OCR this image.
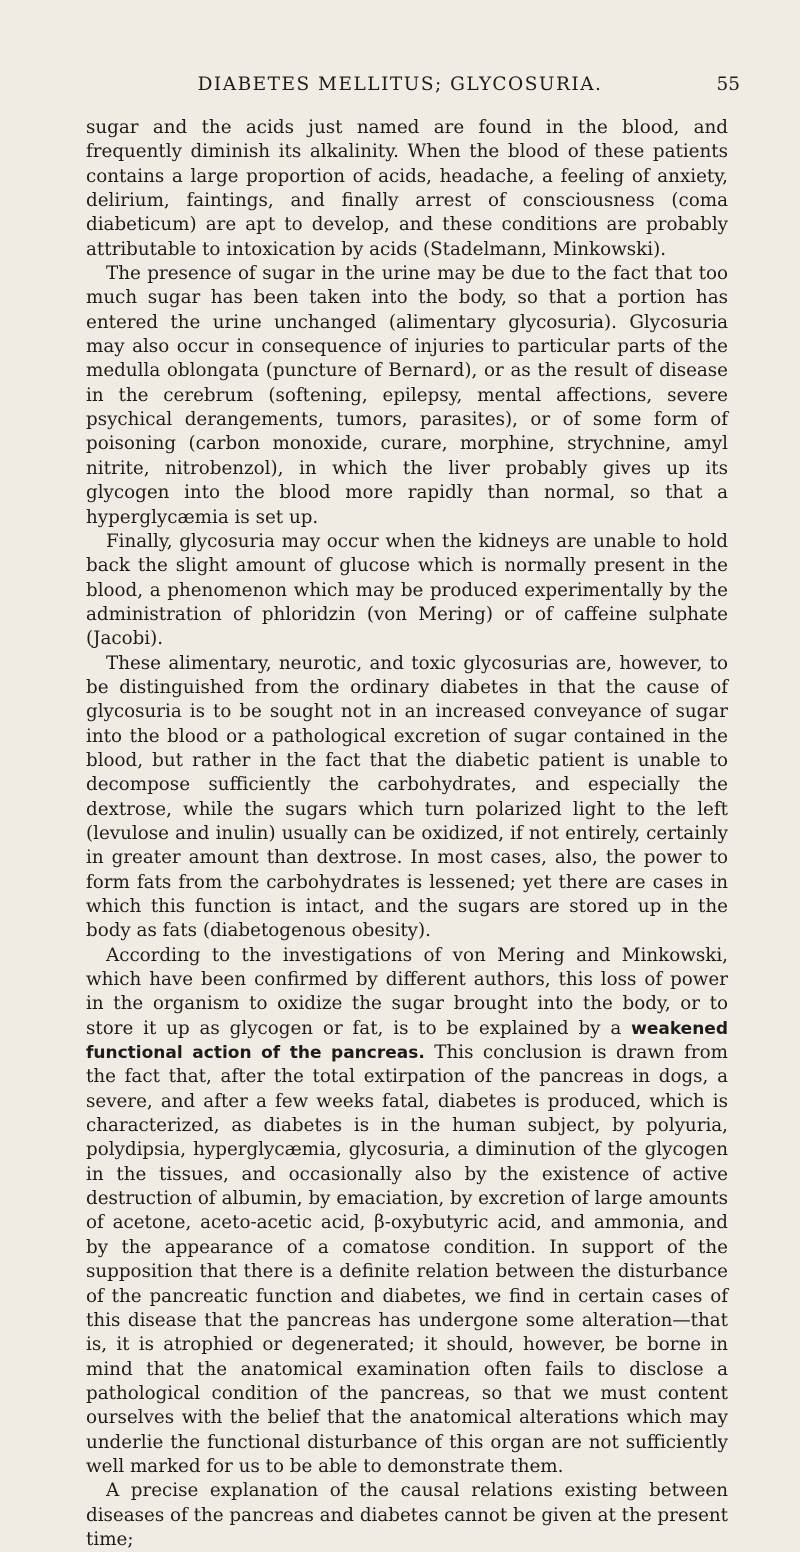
DIABETES MELLITUS; GLYCOSURIA.	55

sugar and the acids just named are found in the blood, and frequently diminish its alkalinity. When the blood of these patients contains a large proportion of acids, headache, a feeling of anxiety, delirium, faintings, and finally arrest of consciousness (coma diabeticum) are apt to develop, and these conditions are probably attributable to intoxication by acids (Stadelmann, Minkowski).

The presence of sugar in the urine may be due to the fact that too much sugar has been taken into the body, so that a portion has entered the urine unchanged (alimentary glycosuria). Glycosuria may also occur in consequence of injuries to particular parts of the medulla oblongata (puncture of Bernard), or as the result of disease in the cerebrum (softening, epilepsy, mental affections, severe psychical derangements, tumors, parasites), or of some form of poisoning (carbon monoxide, curare, morphine, strychnine, amyl nitrite, nitrobenzol), in which the liver probably gives up its glycogen into the blood more rapidly than normal, so that a hyperglycæmia is set up.

Finally, glycosuria may occur when the kidneys are unable to hold back the slight amount of glucose which is normally present in the blood, a phenomenon which may be produced experimentally by the administration of phloridzin (von Mering) or of caffeine sulphate (Jacobi).

These alimentary, neurotic, and toxic glycosurias are, however, to be distinguished from the ordinary diabetes in that the cause of glycosuria is to be sought not in an increased conveyance of sugar into the blood or a pathological excretion of sugar contained in the blood, but rather in the fact that the diabetic patient is unable to decompose sufficiently the carbohydrates, and especially the dextrose, while the sugars which turn polarized light to the left (levulose and inulin) usually can be oxidized, if not entirely, certainly in greater amount than dextrose. In most cases, also, the power to form fats from the carbohydrates is lessened; yet there are cases in which this function is intact, and the sugars are stored up in the body as fats (diabetogenous obesity).

According to the investigations of von Mering and Minkowski, which have been confirmed by different authors, this loss of power in the organism to oxidize the sugar brought into the body, or to store it up as glycogen or fat, is to be explained by a weakened functional action of the pancreas. This conclusion is drawn from the fact that, after the total extirpation of the pancreas in dogs, a severe, and after a few weeks fatal, diabetes is produced, which is characterized, as diabetes is in the human subject, by polyuria, polydipsia, hyperglycæmia, glycosuria, a diminution of the glycogen in the tissues, and occasionally also by the existence of active destruction of albumin, by emaciation, by excretion of large amounts of acetone, aceto-acetic acid, β-oxybutyric acid, and ammonia, and by the appearance of a comatose condition. In support of the supposition that there is a definite relation between the disturbance of the pancreatic function and diabetes, we find in certain cases of this disease that the pancreas has undergone some alteration—that is, it is atrophied or degenerated; it should, however, be borne in mind that the anatomical examination often fails to disclose a pathological condition of the pancreas, so that we must content ourselves with the belief that the anatomical alterations which may underlie the functional disturbance of this organ are not sufficiently well marked for us to be able to demonstrate them.

A precise explanation of the causal relations existing between diseases of the pancreas and diabetes cannot be given at the present time;
